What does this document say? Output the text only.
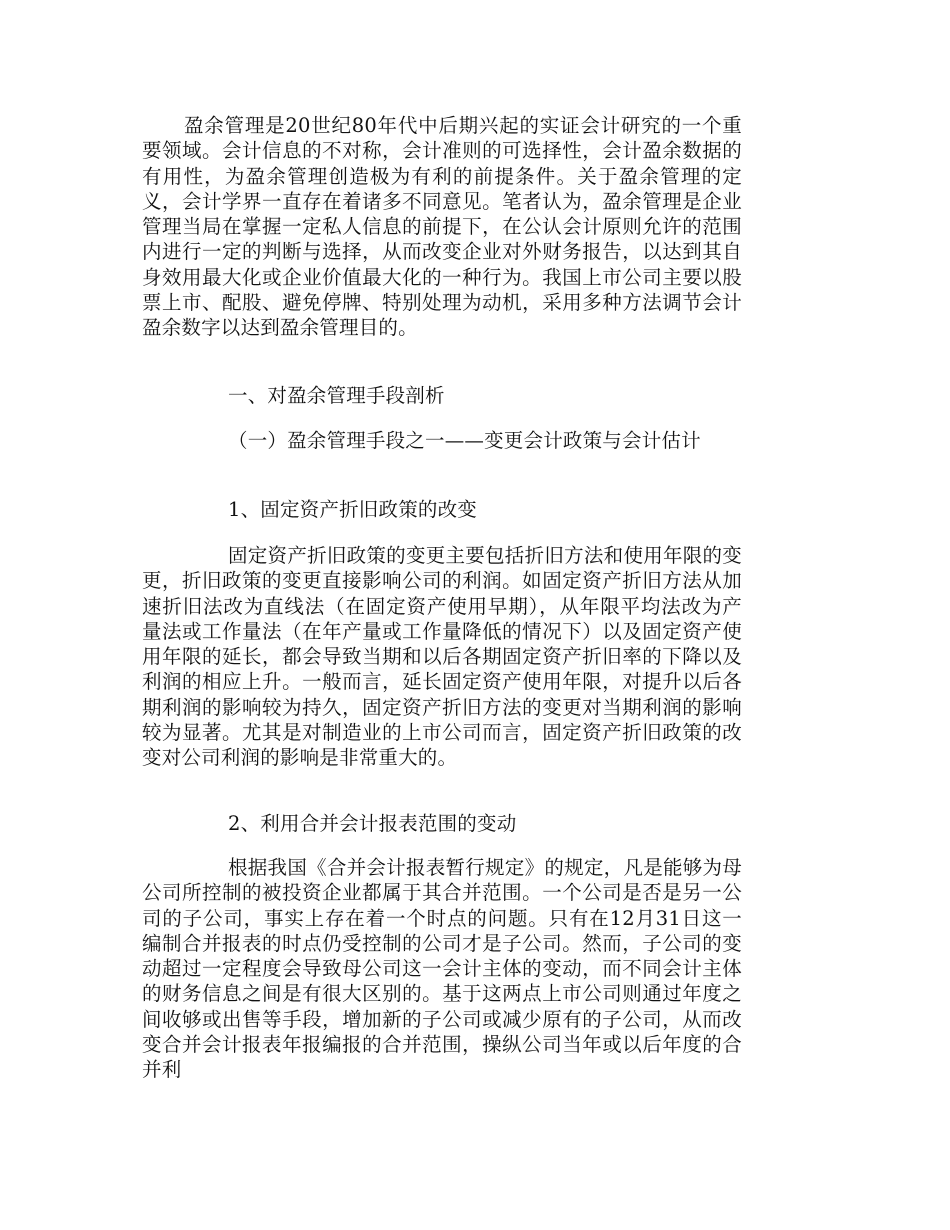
盈余管理是20世纪80年代中后期兴起的实证会计研究的一个重要领域。会计信息的不对称，会计准则的可选择性，会计盈余数据的有用性，为盈余管理创造极为有利的前提条件。关于盈余管理的定义，会计学界一直存在着诸多不同意见。笔者认为，盈余管理是企业管理当局在掌握一定私人信息的前提下，在公认会计原则允许的范围内进行一定的判断与选择，从而改变企业对外财务报告，以达到其自身效用最大化或企业价值最大化的一种行为。我国上市公司主要以股票上市、配股、避免停牌、特别处理为动机，采用多种方法调节会计盈余数字以达到盈余管理目的。

一、对盈余管理手段剖析

（一）盈余管理手段之一——变更会计政策与会计估计

1、固定资产折旧政策的改变

固定资产折旧政策的变更主要包括折旧方法和使用年限的变更，折旧政策的变更直接影响公司的利润。如固定资产折旧方法从加速折旧法改为直线法（在固定资产使用早期），从年限平均法改为产量法或工作量法（在年产量或工作量降低的情况下）以及固定资产使用年限的延长，都会导致当期和以后各期固定资产折旧率的下降以及利润的相应上升。一般而言，延长固定资产使用年限，对提升以后各期利润的影响较为持久，固定资产折旧方法的变更对当期利润的影响较为显著。尤其是对制造业的上市公司而言，固定资产折旧政策的改变对公司利润的影响是非常重大的。

2、利用合并会计报表范围的变动

根据我国《合并会计报表暂行规定》的规定，凡是能够为母公司所控制的被投资企业都属于其合并范围。一个公司是否是另一公司的子公司，事实上存在着一个时点的问题。只有在12月31日这一编制合并报表的时点仍受控制的公司才是子公司。然而，子公司的变动超过一定程度会导致母公司这一会计主体的变动，而不同会计主体的财务信息之间是有很大区别的。基于这两点上市公司则通过年度之间收够或出售等手段，增加新的子公司或减少原有的子公司，从而改变合并会计报表年报编报的合并范围，操纵公司当年或以后年度的合并利
